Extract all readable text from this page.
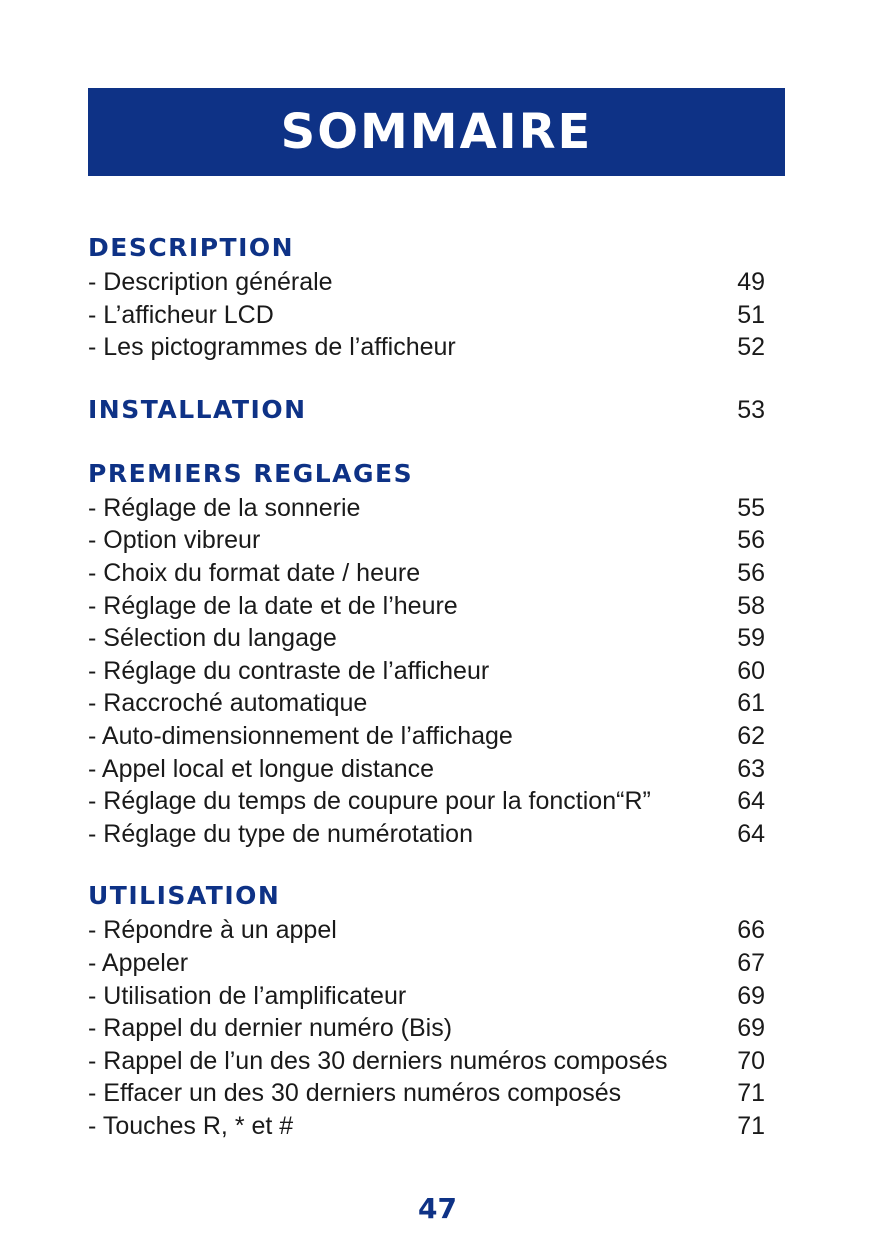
SOMMAIRE
DESCRIPTION
- Description générale	49
- L’afficheur LCD	51
- Les pictogrammes de l’afficheur	52
INSTALLATION	53
PREMIERS REGLAGES
- Réglage de la sonnerie	55
- Option vibreur	56
- Choix du format date / heure	56
- Réglage de la date et de l’heure	58
- Sélection du langage	59
- Réglage du contraste de l’afficheur	60
- Raccroché automatique	61
- Auto-dimensionnement de l’affichage	62
- Appel local et longue distance	63
- Réglage du temps de coupure pour la fonction“R”	64
- Réglage du type de numérotation	64
UTILISATION
- Répondre à un appel	66
- Appeler	67
- Utilisation de l’amplificateur	69
- Rappel du dernier numéro (Bis)	69
- Rappel de l’un des 30 derniers numéros composés	70
- Effacer un des 30 derniers numéros composés	71
- Touches R, * et #	71
47
